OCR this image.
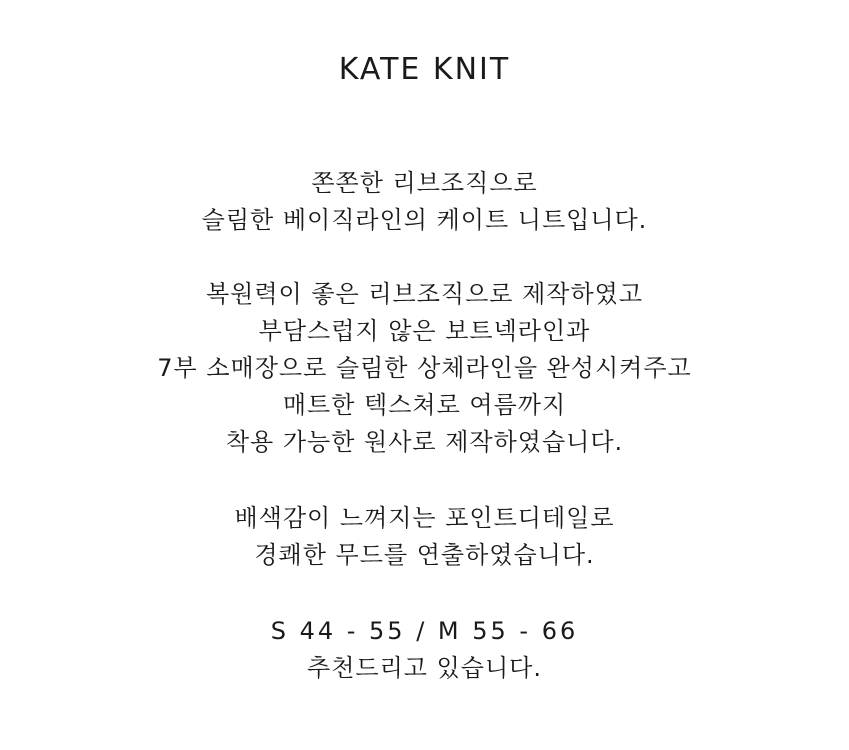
KATE KNIT
쫀쫀한 리브조직으로
슬림한 베이직라인의 케이트 니트입니다.
복원력이 좋은 리브조직으로 제작하였고
부담스럽지 않은 보트넥라인과
7부 소매장으로 슬림한 상체라인을 완성시켜주고
매트한 텍스쳐로 여름까지
착용 가능한 원사로 제작하였습니다.
배색감이 느껴지는 포인트디테일로
경쾌한 무드를 연출하였습니다.
S 44 - 55 / M 55 - 66
추천드리고 있습니다.
